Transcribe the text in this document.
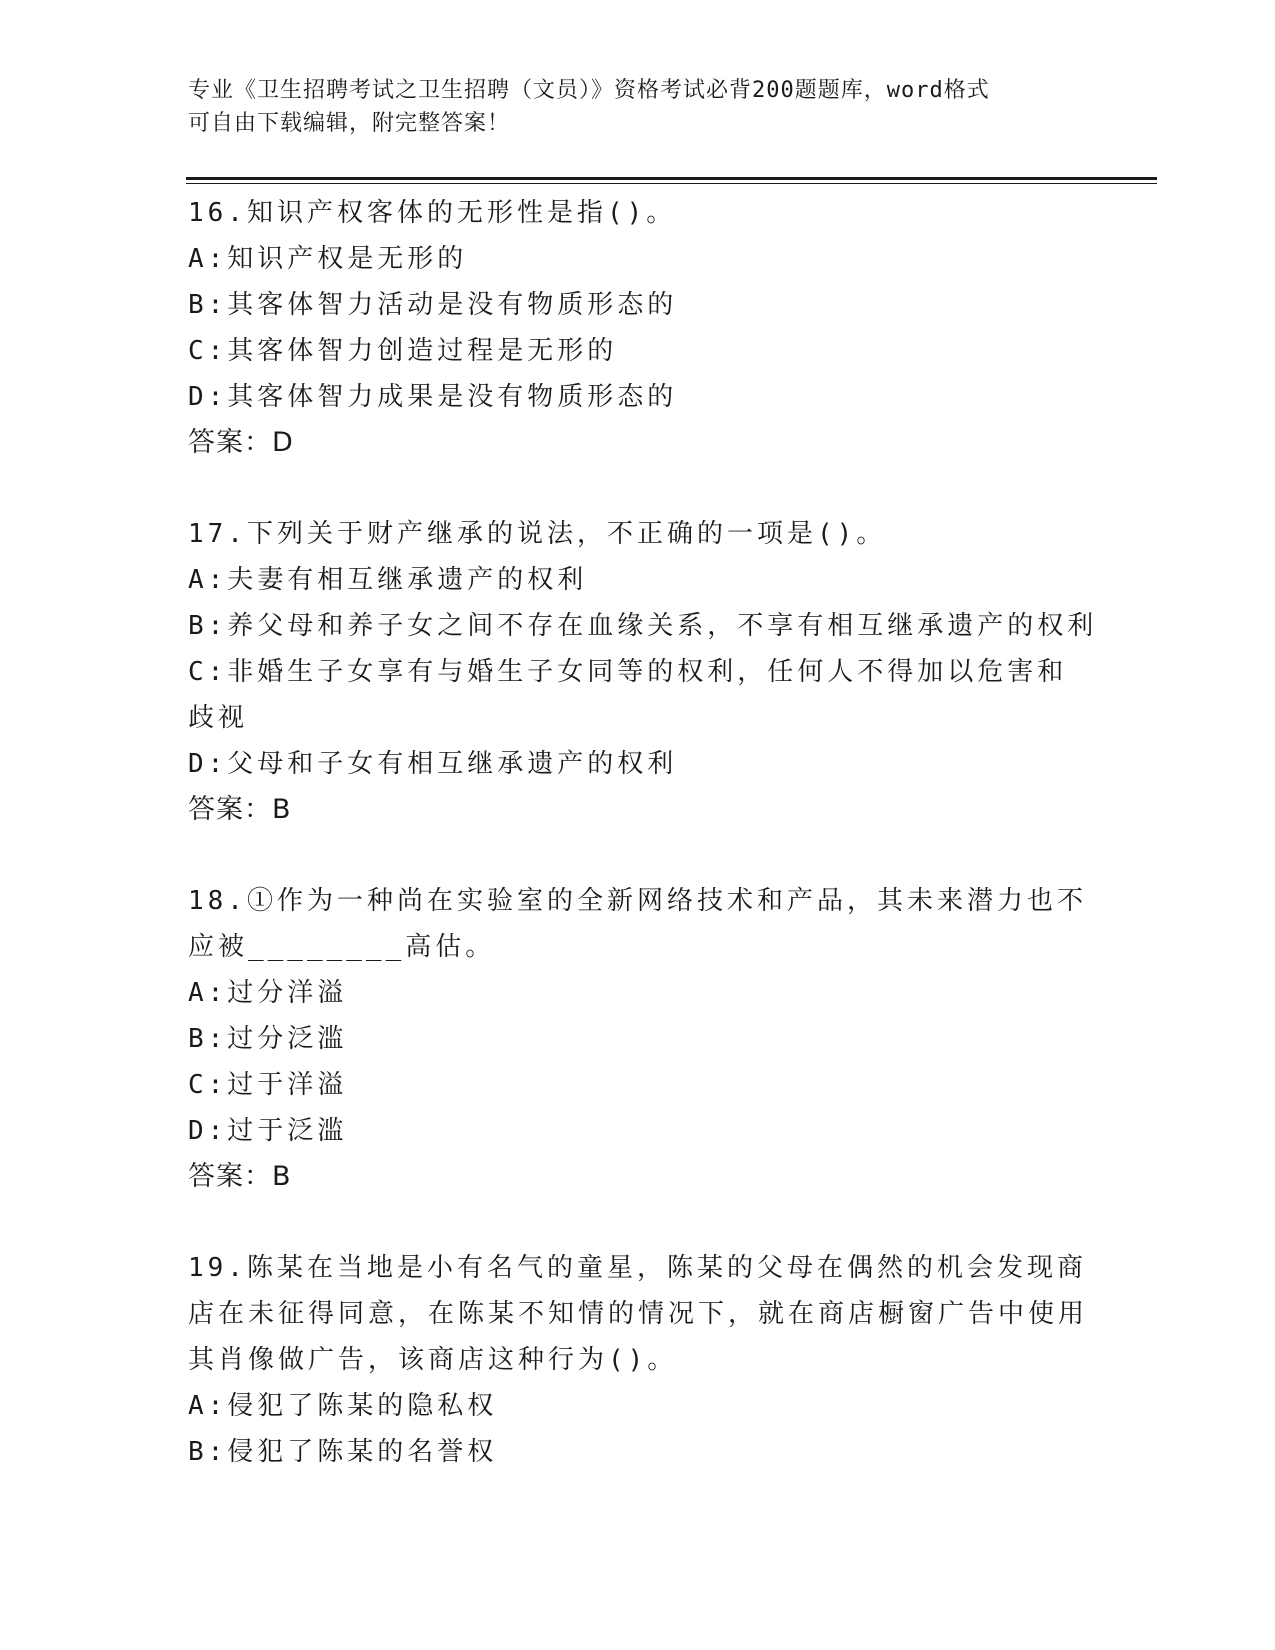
专业《卫生招聘考试之卫生招聘（文员）》资格考试必背200题题库，word格式
可自由下载编辑，附完整答案！
16.知识产权客体的无形性是指()。
A:知识产权是无形的
B:其客体智力活动是没有物质形态的
C:其客体智力创造过程是无形的
D:其客体智力成果是没有物质形态的
答案：D
17.下列关于财产继承的说法，不正确的一项是()。
A:夫妻有相互继承遗产的权利
B:养父母和养子女之间不存在血缘关系，不享有相互继承遗产的权利
C:非婚生子女享有与婚生子女同等的权利，任何人不得加以危害和歧视
D:父母和子女有相互继承遗产的权利
答案：B
18.①作为一种尚在实验室的全新网络技术和产品，其未来潜力也不应被________高估。
A:过分洋溢
B:过分泛滥
C:过于洋溢
D:过于泛滥
答案：B
19.陈某在当地是小有名气的童星，陈某的父母在偶然的机会发现商店在未征得同意，在陈某不知情的情况下，就在商店橱窗广告中使用其肖像做广告，该商店这种行为()。
A:侵犯了陈某的隐私权
B:侵犯了陈某的名誉权
